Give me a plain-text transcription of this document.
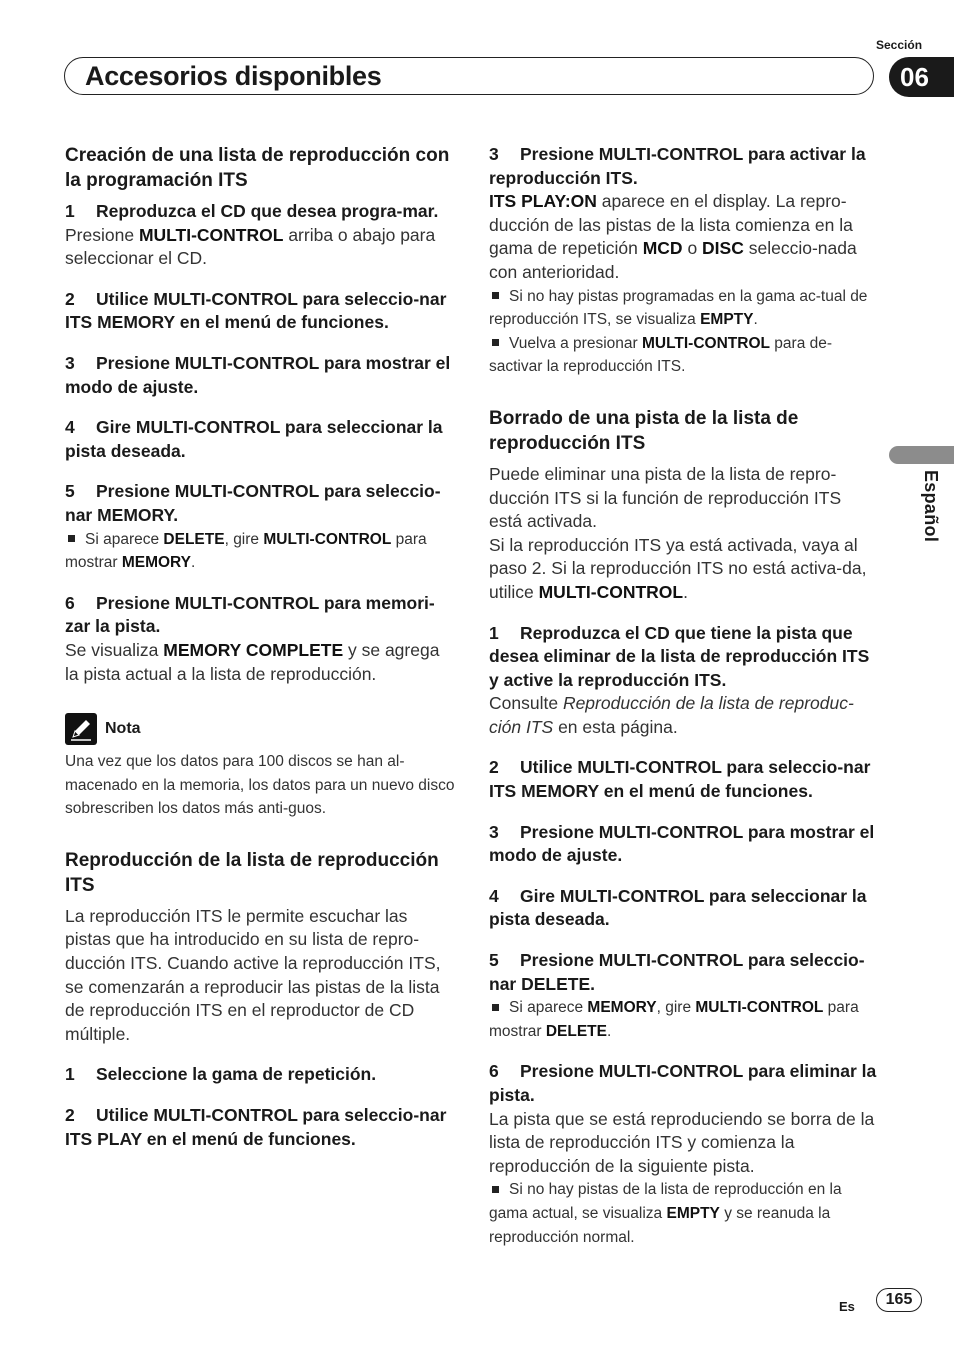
Sección
Accesorios disponibles	06
Español
Creación de una lista de reproducción con la programación ITS

1 Reproduzca el CD que desea progra-mar.

Presione MULTI-CONTROL arriba o abajo para seleccionar el CD.

2 Utilice MULTI-CONTROL para seleccio-nar ITS MEMORY en el menú de funciones.

3 Presione MULTI-CONTROL para mostrar el modo de ajuste.

4 Gire MULTI-CONTROL para seleccionar la pista deseada.

5 Presione MULTI-CONTROL para seleccio-nar MEMORY.

Si aparece DELETE, gire MULTI-CONTROL para mostrar MEMORY.

6 Presione MULTI-CONTROL para memori-zar la pista.

Se visualiza MEMORY COMPLETE y se agrega la pista actual a la lista de reproducción.

Nota

Una vez que los datos para 100 discos se han al-macenado en la memoria, los datos para un nuevo disco sobrescriben los datos más anti-guos.

Reproducción de la lista de reproducción ITS

La reproducción ITS le permite escuchar las pistas que ha introducido en su lista de repro-ducción ITS. Cuando active la reproducción ITS, se comenzarán a reproducir las pistas de la lista de reproducción ITS en el reproductor de CD múltiple.

1 Seleccione la gama de repetición.

2 Utilice MULTI-CONTROL para seleccio-nar ITS PLAY en el menú de funciones.

3 Presione MULTI-CONTROL para activar la reproducción ITS.

ITS PLAY:ON aparece en el display. La repro-ducción de las pistas de la lista comienza en la gama de repetición MCD o DISC seleccio-nada con anterioridad.

Si no hay pistas programadas en la gama ac-tual de reproducción ITS, se visualiza EMPTY.

Vuelva a presionar MULTI-CONTROL para de-sactivar la reproducción ITS.

Borrado de una pista de la lista de reproducción ITS

Puede eliminar una pista de la lista de repro-ducción ITS si la función de reproducción ITS está activada.

Si la reproducción ITS ya está activada, vaya al paso 2. Si la reproducción ITS no está activa-da, utilice MULTI-CONTROL.

1 Reproduzca el CD que tiene la pista que desea eliminar de la lista de reproducción ITS y active la reproducción ITS.

Consulte Reproducción de la lista de reproduc-ción ITS en esta página.

2 Utilice MULTI-CONTROL para seleccio-nar ITS MEMORY en el menú de funciones.

3 Presione MULTI-CONTROL para mostrar el modo de ajuste.

4 Gire MULTI-CONTROL para seleccionar la pista deseada.

5 Presione MULTI-CONTROL para seleccio-nar DELETE.

Si aparece MEMORY, gire MULTI-CONTROL para mostrar DELETE.

6 Presione MULTI-CONTROL para eliminar la pista.

La pista que se está reproduciendo se borra de la lista de reproducción ITS y comienza la reproducción de la siguiente pista.

Si no hay pistas de la lista de reproducción en la gama actual, se visualiza EMPTY y se reanuda la reproducción normal.

Es	165
